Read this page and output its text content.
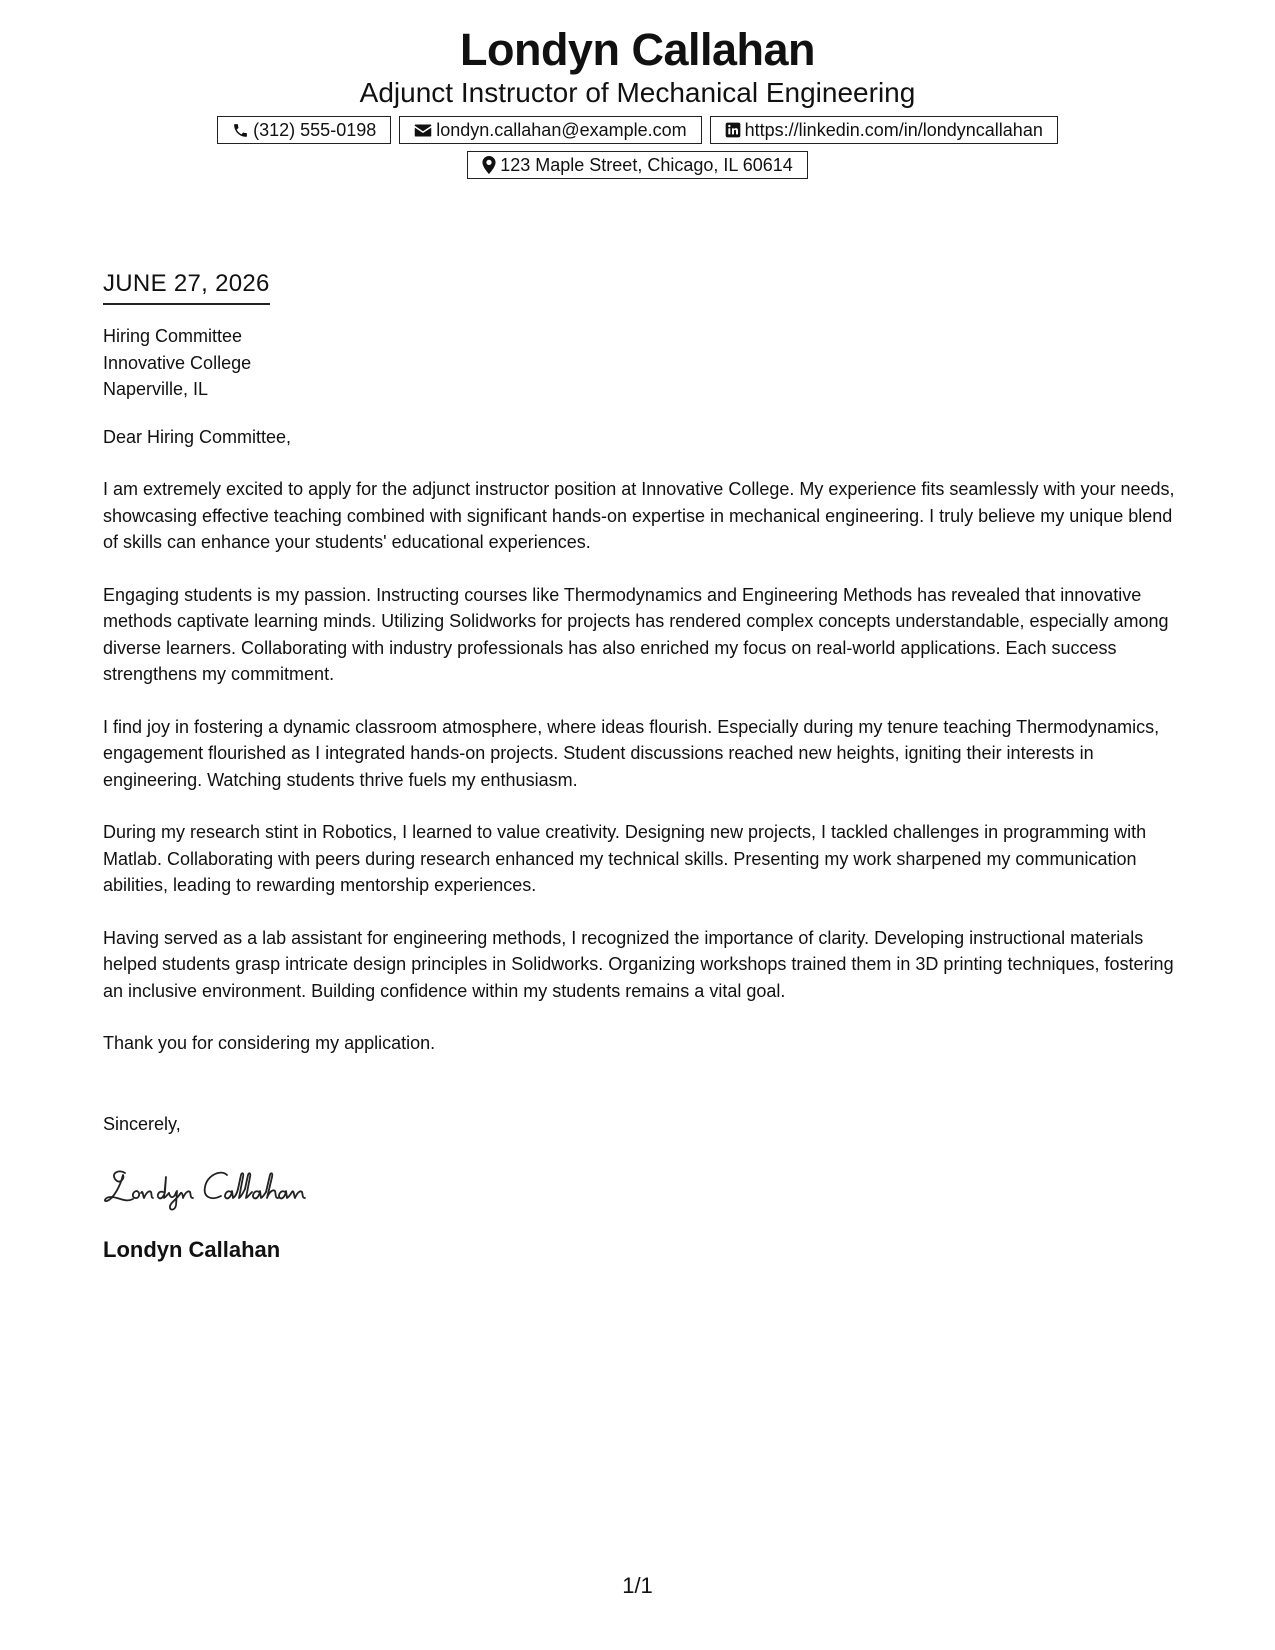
Londyn Callahan
Adjunct Instructor of Mechanical Engineering
(312) 555-0198	londyn.callahan@example.com	https://linkedin.com/in/londyncallahan
123 Maple Street, Chicago, IL 60614
JUNE 27, 2026
Hiring Committee
Innovative College
Naperville, IL
Dear Hiring Committee,
I am extremely excited to apply for the adjunct instructor position at Innovative College. My experience fits seamlessly with your needs, showcasing effective teaching combined with significant hands-on expertise in mechanical engineering. I truly believe my unique blend of skills can enhance your students' educational experiences.
Engaging students is my passion. Instructing courses like Thermodynamics and Engineering Methods has revealed that innovative methods captivate learning minds. Utilizing Solidworks for projects has rendered complex concepts understandable, especially among diverse learners. Collaborating with industry professionals has also enriched my focus on real-world applications. Each success strengthens my commitment.
I find joy in fostering a dynamic classroom atmosphere, where ideas flourish. Especially during my tenure teaching Thermodynamics, engagement flourished as I integrated hands-on projects. Student discussions reached new heights, igniting their interests in engineering. Watching students thrive fuels my enthusiasm.
During my research stint in Robotics, I learned to value creativity. Designing new projects, I tackled challenges in programming with Matlab. Collaborating with peers during research enhanced my technical skills. Presenting my work sharpened my communication abilities, leading to rewarding mentorship experiences.
Having served as a lab assistant for engineering methods, I recognized the importance of clarity. Developing instructional materials helped students grasp intricate design principles in Solidworks. Organizing workshops trained them in 3D printing techniques, fostering an inclusive environment. Building confidence within my students remains a vital goal.
Thank you for considering my application.
Sincerely,
Londyn Callahan
1/1
